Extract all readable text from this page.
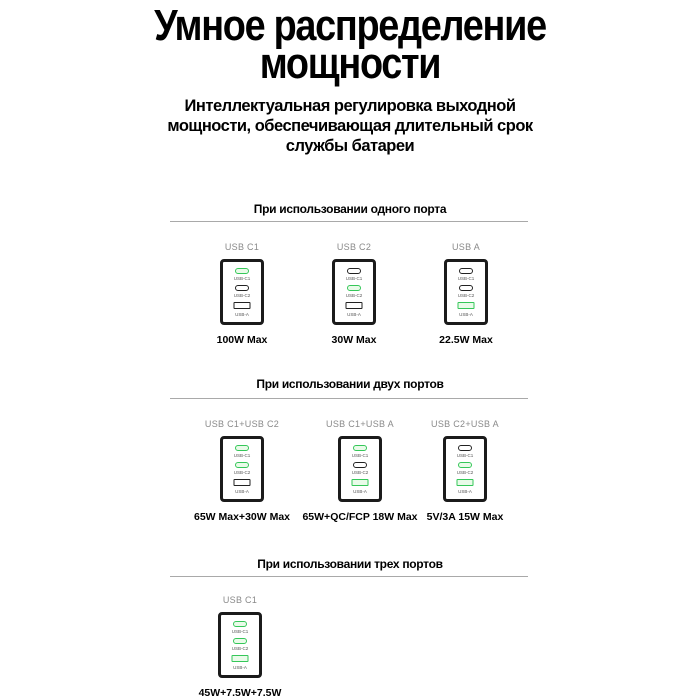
Умное распределение
мощности
Интеллектуальная регулировка выходной
мощности, обеспечивающая длительный срок
службы батареи
При использовании одного порта
USB C1
USB-C1
USB-C2
USB-A
100W Max
USB C2
USB-C1
USB-C2
USB-A
30W Max
USB A
USB-C1
USB-C2
USB-A
22.5W Max
При использовании двух портов
USB C1+USB C2
USB-C1
USB-C2
USB-A
65W Max+30W Max
USB C1+USB A
USB-C1
USB-C2
USB-A
65W+QC/FCP 18W Max
USB C2+USB A
USB-C1
USB-C2
USB-A
5V/3A 15W Max
При использовании трех портов
USB C1
USB-C1
USB-C2
USB-A
45W+7.5W+7.5W
